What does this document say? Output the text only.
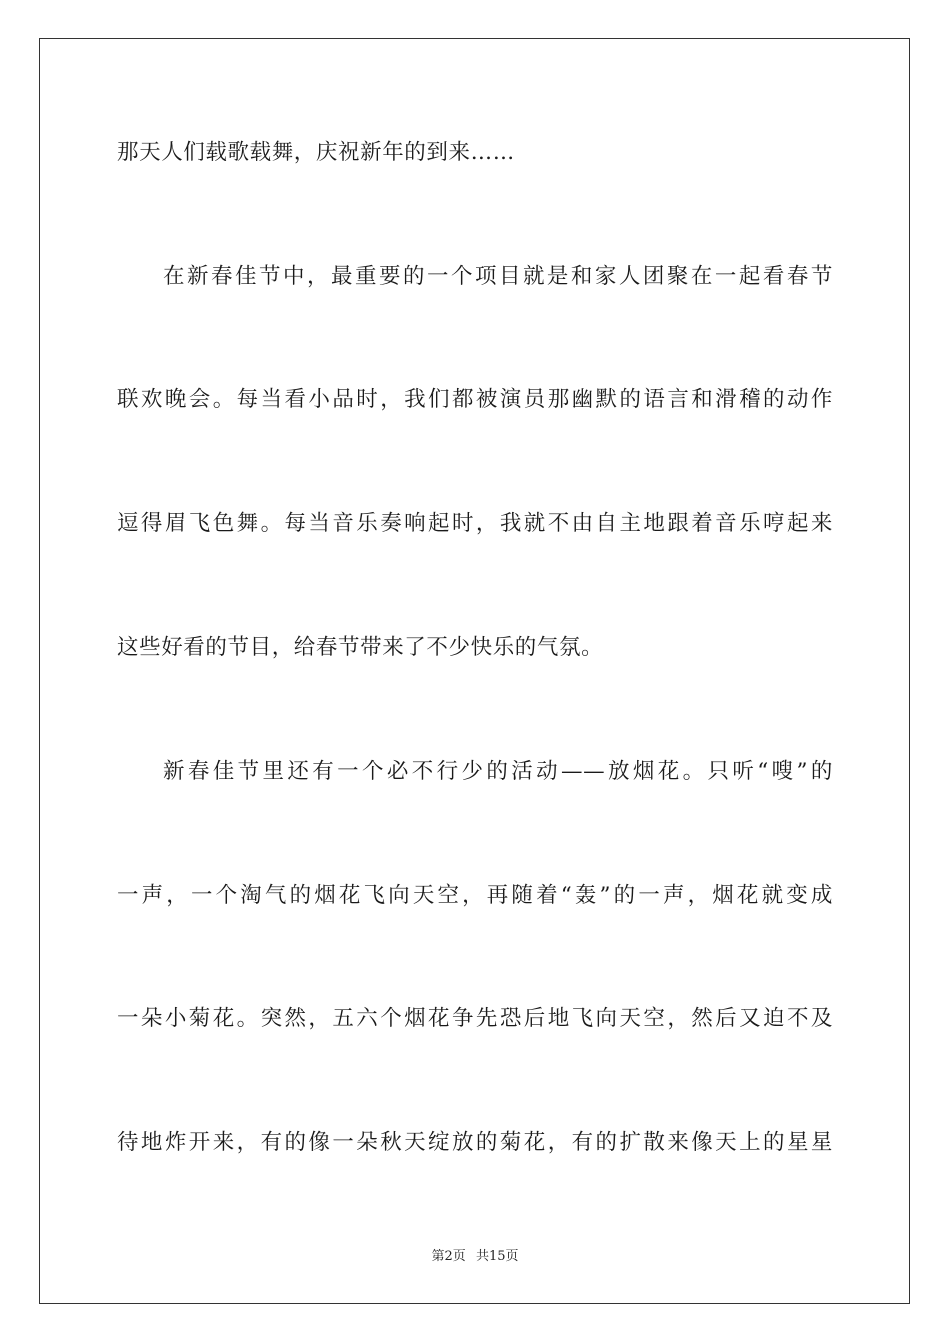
那天人们载歌载舞，庆祝新年的到来……
在新春佳节中，最重要的一个项目就是和家人团聚在一起看春节
联欢晚会。每当看小品时，我们都被演员那幽默的语言和滑稽的动作
逗得眉飞色舞。每当音乐奏响起时，我就不由自主地跟着音乐哼起来
这些好看的节目，给春节带来了不少快乐的气氛。
新春佳节里还有一个必不行少的活动——放烟花。只听“嗖”的
一声，一个淘气的烟花飞向天空，再随着“轰”的一声，烟花就变成
一朵小菊花。突然，五六个烟花争先恐后地飞向天空，然后又迫不及
待地炸开来，有的像一朵秋天绽放的菊花，有的扩散来像天上的星星
第2页 共15页
